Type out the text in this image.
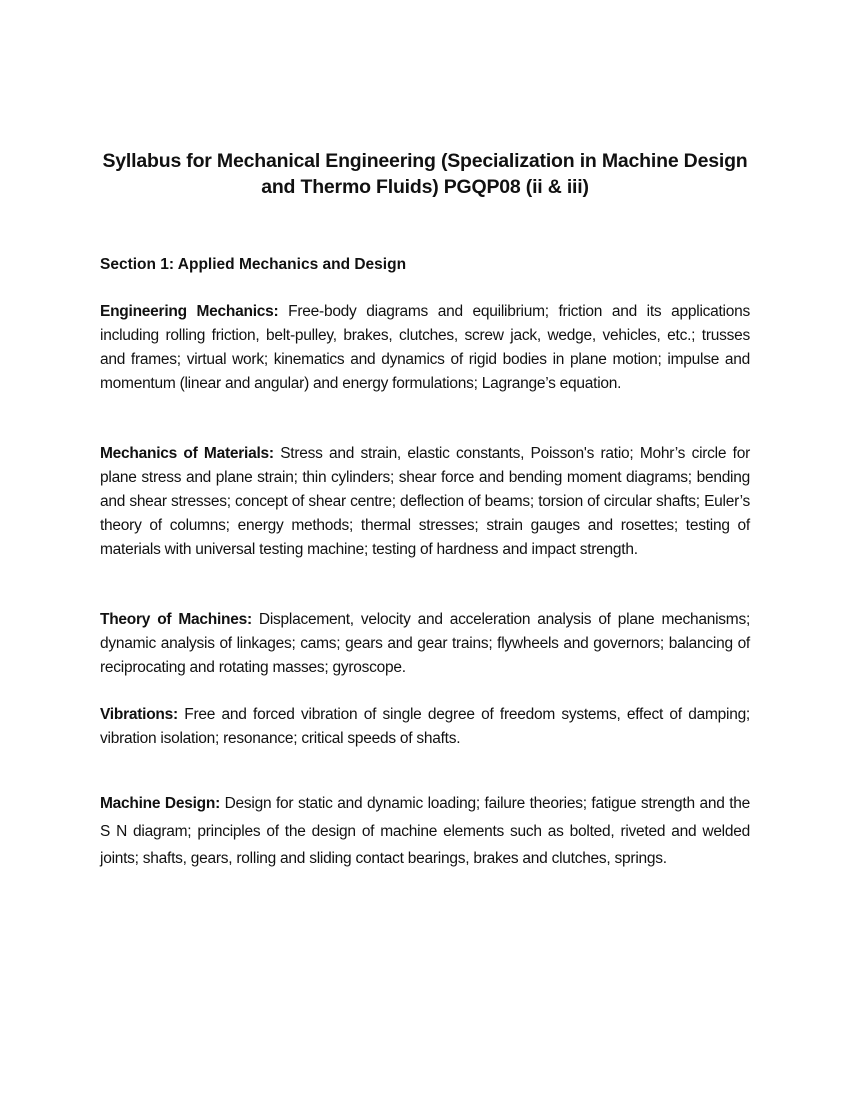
Syllabus for Mechanical Engineering (Specialization in Machine Design and Thermo Fluids) PGQP08 (ii & iii)
Section 1: Applied Mechanics and Design

Engineering Mechanics: Free-body diagrams and equilibrium; friction and its applications including rolling friction, belt-pulley, brakes, clutches, screw jack, wedge, vehicles, etc.; trusses and frames; virtual work; kinematics and dynamics of rigid bodies in plane motion; impulse and momentum (linear and angular) and energy formulations; Lagrange’s equation.

Mechanics of Materials: Stress and strain, elastic constants, Poisson's ratio; Mohr’s circle for plane stress and plane strain; thin cylinders; shear force and bending moment diagrams; bending and shear stresses; concept of shear centre; deflection of beams; torsion of circular shafts; Euler’s theory of columns; energy methods; thermal stresses; strain gauges and rosettes; testing of materials with universal testing machine; testing of hardness and impact strength.

Theory of Machines: Displacement, velocity and acceleration analysis of plane mechanisms; dynamic analysis of linkages; cams; gears and gear trains; flywheels and governors; balancing of reciprocating and rotating masses; gyroscope.

Vibrations: Free and forced vibration of single degree of freedom systems, effect of damping; vibration isolation; resonance; critical speeds of shafts.

Machine Design: Design for static and dynamic loading; failure theories; fatigue strength and the S N diagram; principles of the design of machine elements such as bolted, riveted and welded joints; shafts, gears, rolling and sliding contact bearings, brakes and clutches, springs.
